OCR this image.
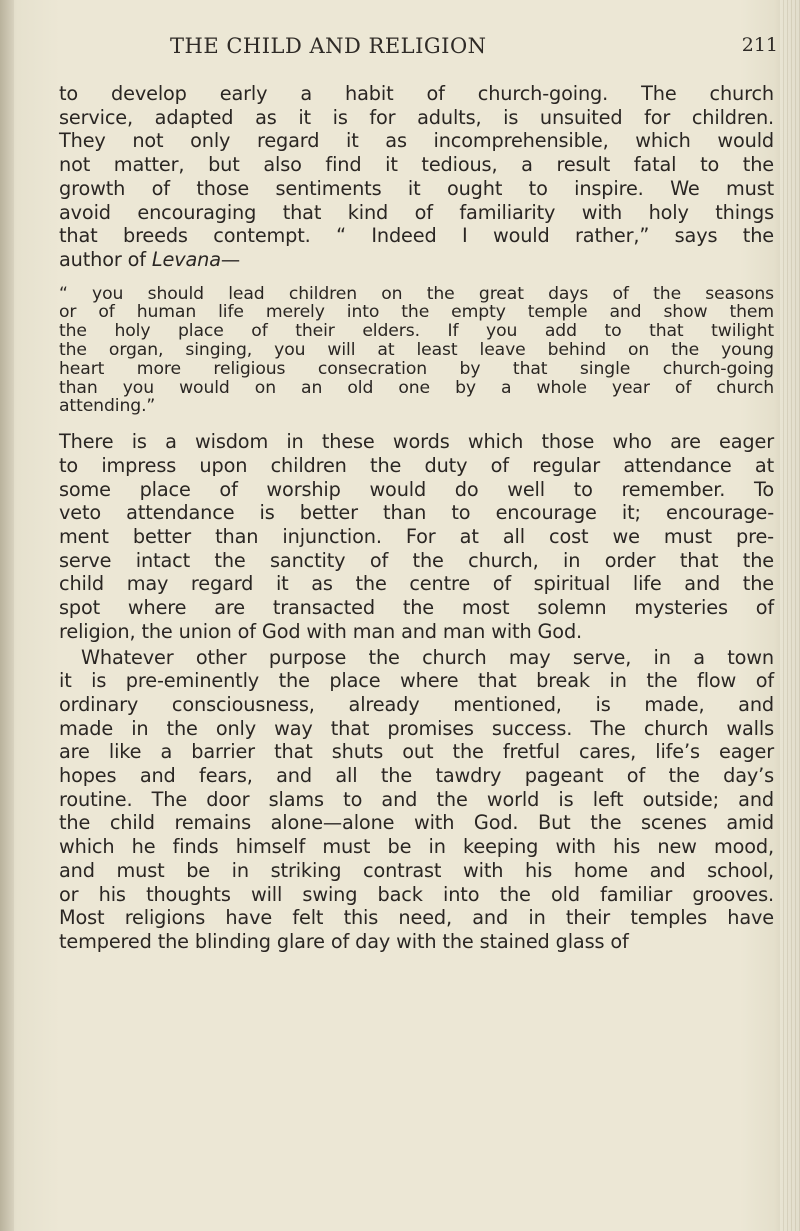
THE CHILD AND RELIGION	211

to develop early a habit of church-going. The church
service, adapted as it is for adults, is unsuited for children.
They not only regard it as incomprehensible, which would
not matter, but also find it tedious, a result fatal to the
growth of those sentiments it ought to inspire. We must
avoid encouraging that kind of familiarity with holy things
that breeds contempt. “ Indeed I would rather,” says the
author of Levana—

“ you should lead children on the great days of the seasons
or of human life merely into the empty temple and show them
the holy place of their elders. If you add to that twilight
the organ, singing, you will at least leave behind on the young
heart more religious consecration by that single church-going
than you would on an old one by a whole year of church
attending.”

There is a wisdom in these words which those who are eager
to impress upon children the duty of regular attendance at
some place of worship would do well to remember. To
veto attendance is better than to encourage it; encourage-
ment better than injunction. For at all cost we must pre-
serve intact the sanctity of the church, in order that the
child may regard it as the centre of spiritual life and the
spot where are transacted the most solemn mysteries of
religion, the union of God with man and man with God.

Whatever other purpose the church may serve, in a town
it is pre-eminently the place where that break in the flow of
ordinary consciousness, already mentioned, is made, and
made in the only way that promises success. The church walls
are like a barrier that shuts out the fretful cares, life’s eager
hopes and fears, and all the tawdry pageant of the day’s
routine. The door slams to and the world is left outside; and
the child remains alone—alone with God. But the scenes amid
which he finds himself must be in keeping with his new mood,
and must be in striking contrast with his home and school,
or his thoughts will swing back into the old familiar grooves.
Most religions have felt this need, and in their temples have
tempered the blinding glare of day with the stained glass of
